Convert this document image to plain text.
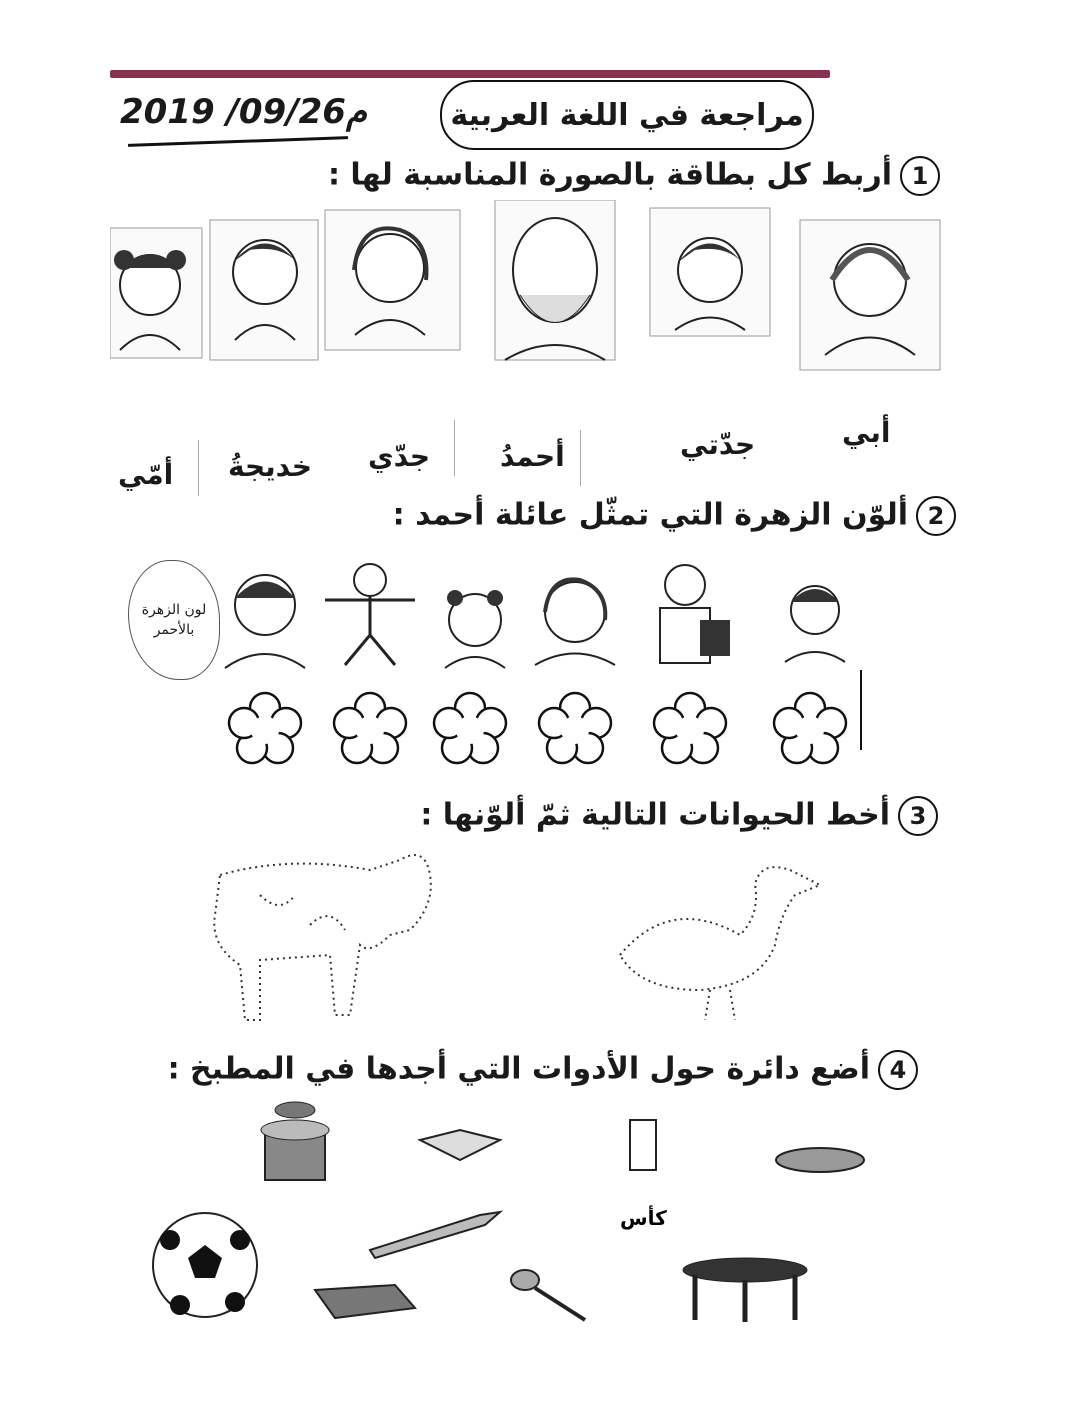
2019 /09/26م	مراجعة في اللغة العربية
1أربط كل بطاقة بالصورة المناسبة لها :
أبي
جدّتي
أحمدُ
جدّي
خديجةُ
أمّي
2ألوّن الزهرة التي تمثّل عائلة أحمد :
لون الزهرة بالأحمر
3أخط الحيوانات التالية ثمّ ألوّنها :
4أضع دائرة حول الأدوات التي أجدها في المطبخ :
كأس
